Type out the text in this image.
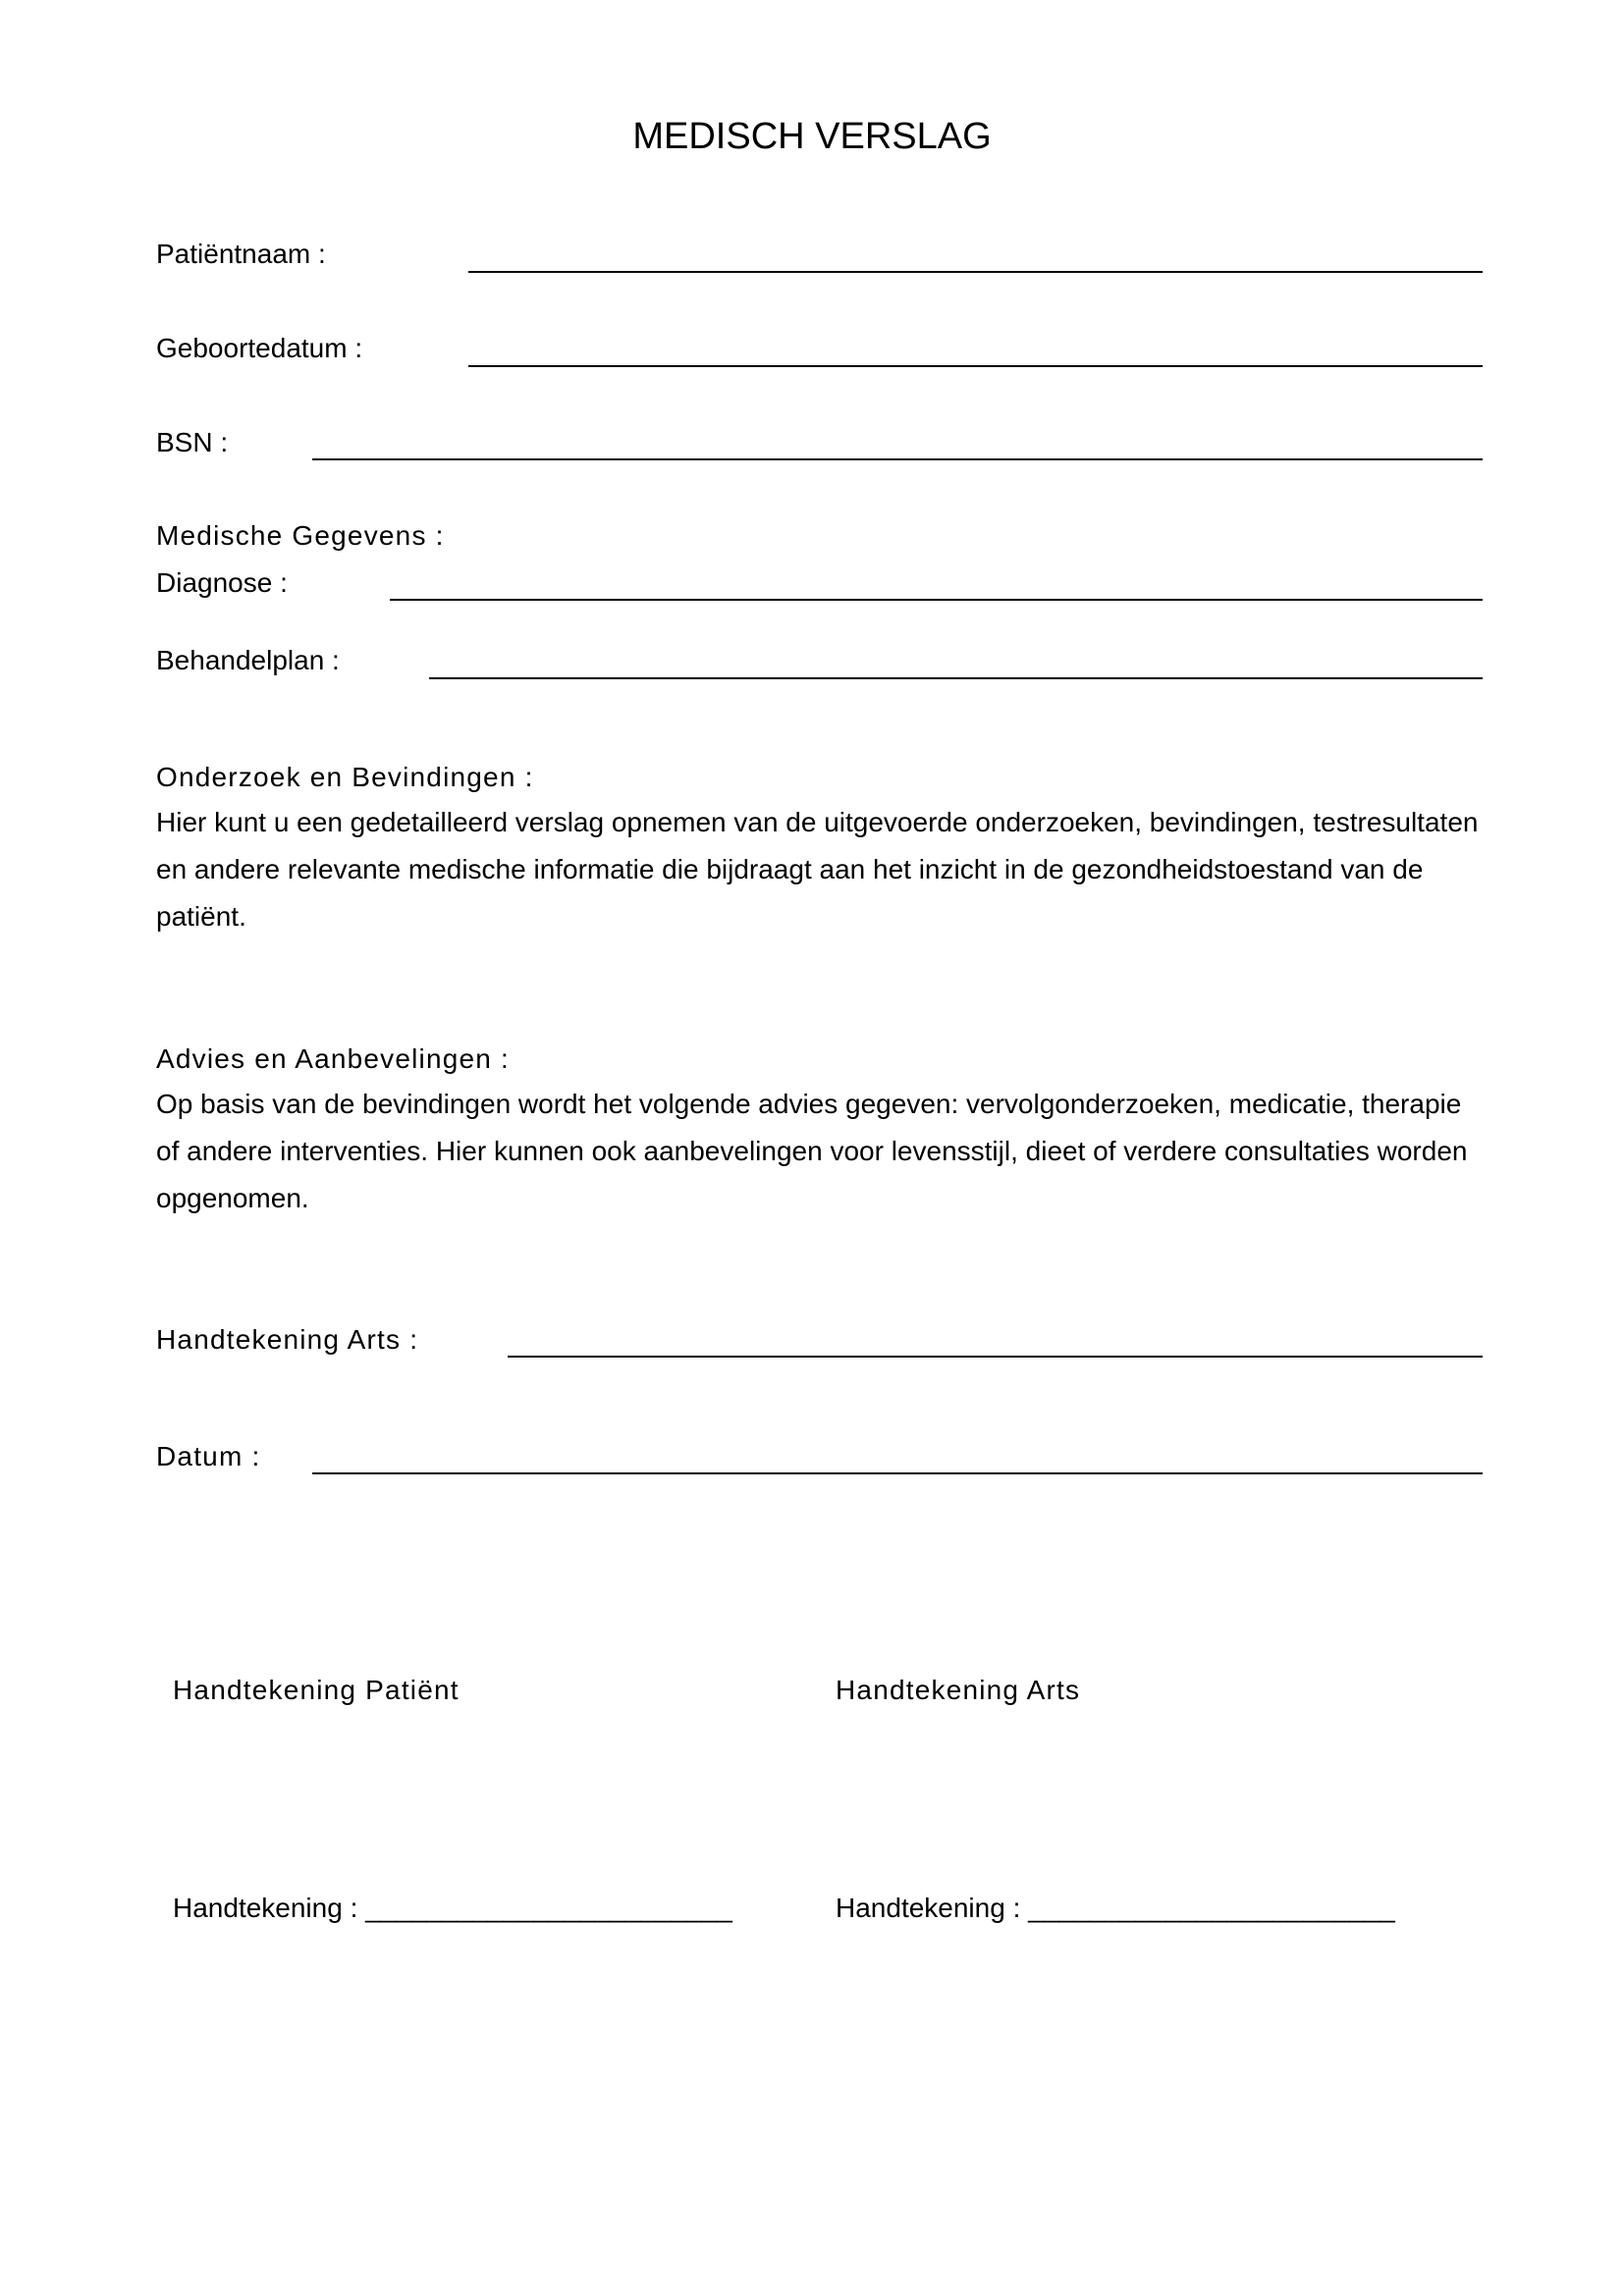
MEDISCH VERSLAG
Patiëntnaam :
Geboortedatum :
BSN :
Medische Gegevens :
Diagnose :
Behandelplan :
Onderzoek en Bevindingen :
Hier kunt u een gedetailleerd verslag opnemen van de uitgevoerde onderzoeken, bevindingen, testresultaten en andere relevante medische informatie die bijdraagt aan het inzicht in de gezondheidstoestand van de patiënt.
Advies en Aanbevelingen :
Op basis van de bevindingen wordt het volgende advies gegeven: vervolgonderzoeken, medicatie, therapie of andere interventies. Hier kunnen ook aanbevelingen voor levensstijl, dieet of verdere consultaties worden opgenomen.
Handtekening Arts :
Datum :
Handtekening Patiënt	Handtekening Arts
Handtekening : ________________________	Handtekening : ________________________
